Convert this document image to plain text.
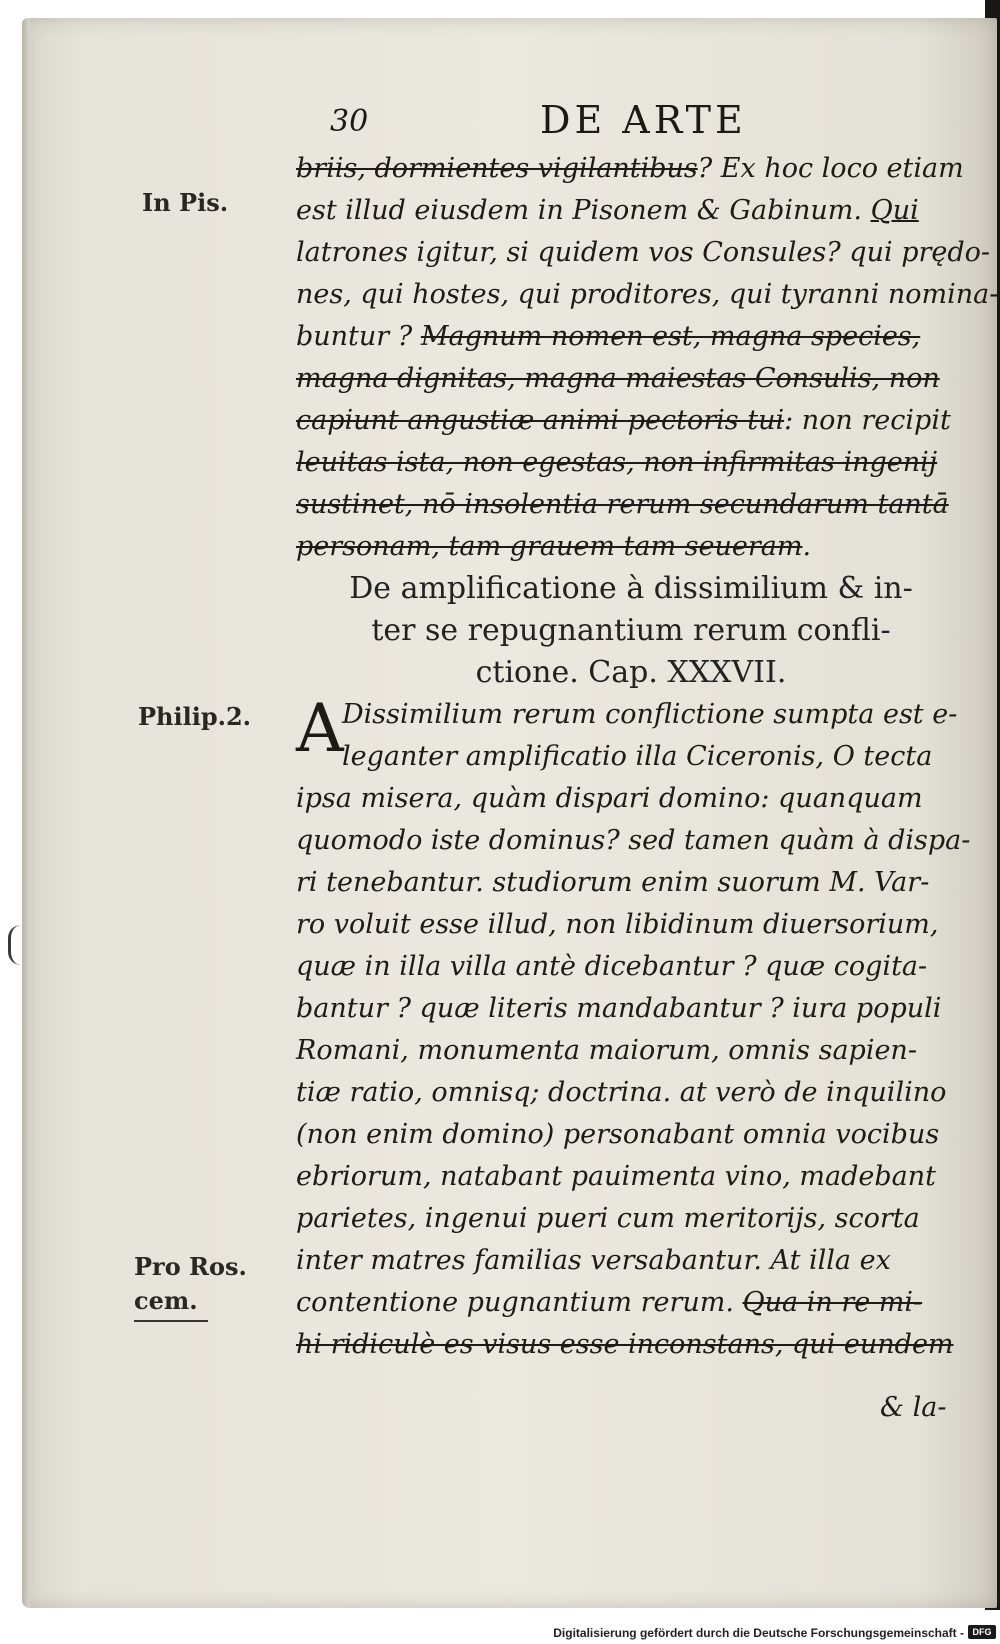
30	DE ARTE
In Pis.
Philip.2.
Pro Ros.
cem.
briis, dormientes vigilantibus? Ex hoc loco etiam
est illud eiusdem in Pisonem & Gabinum. Qui
latrones igitur, si quidem vos Consules? qui prędo-
nes, qui hostes, qui proditores, qui tyranni nomina-
buntur ? Magnum nomen est, magna species,
magna dignitas, magna maiestas Consulis, non
capiunt angustiæ animi pectoris tui: non recipit
leuitas ista, non egestas, non infirmitas ingenij
sustinet, nō insolentia rerum secundarum tantā
personam, tam grauem tam seueram.
De amplificatione à dissimilium & in-
ter se repugnantium rerum confli-
ctione. Cap. XXXVII.
A
Dissimilium rerum conflictione sumpta est e-
leganter amplificatio illa Ciceronis, O tecta
ipsa misera, quàm dispari domino: quanquam
quomodo iste dominus? sed tamen quàm à dispa-
ri tenebantur. studiorum enim suorum M. Var-
ro voluit esse illud, non libidinum diuersorium,
quæ in illa villa antè dicebantur ? quæ cogita-
bantur ? quæ literis mandabantur ? iura populi
Romani, monumenta maiorum, omnis sapien-
tiæ ratio, omnisq; doctrina. at verò de inquilino
(non enim domino) personabant omnia vocibus
ebriorum, natabant pauimenta vino, madebant
parietes, ingenui pueri cum meritorijs, scorta
inter matres familias versabantur. At illa ex
contentione pugnantium rerum. Qua in re mi-
hi ridiculè es visus esse inconstans, qui eundem
& la-
Digitalisierung gefördert durch die Deutsche Forschungsgemeinschaft - DFG
